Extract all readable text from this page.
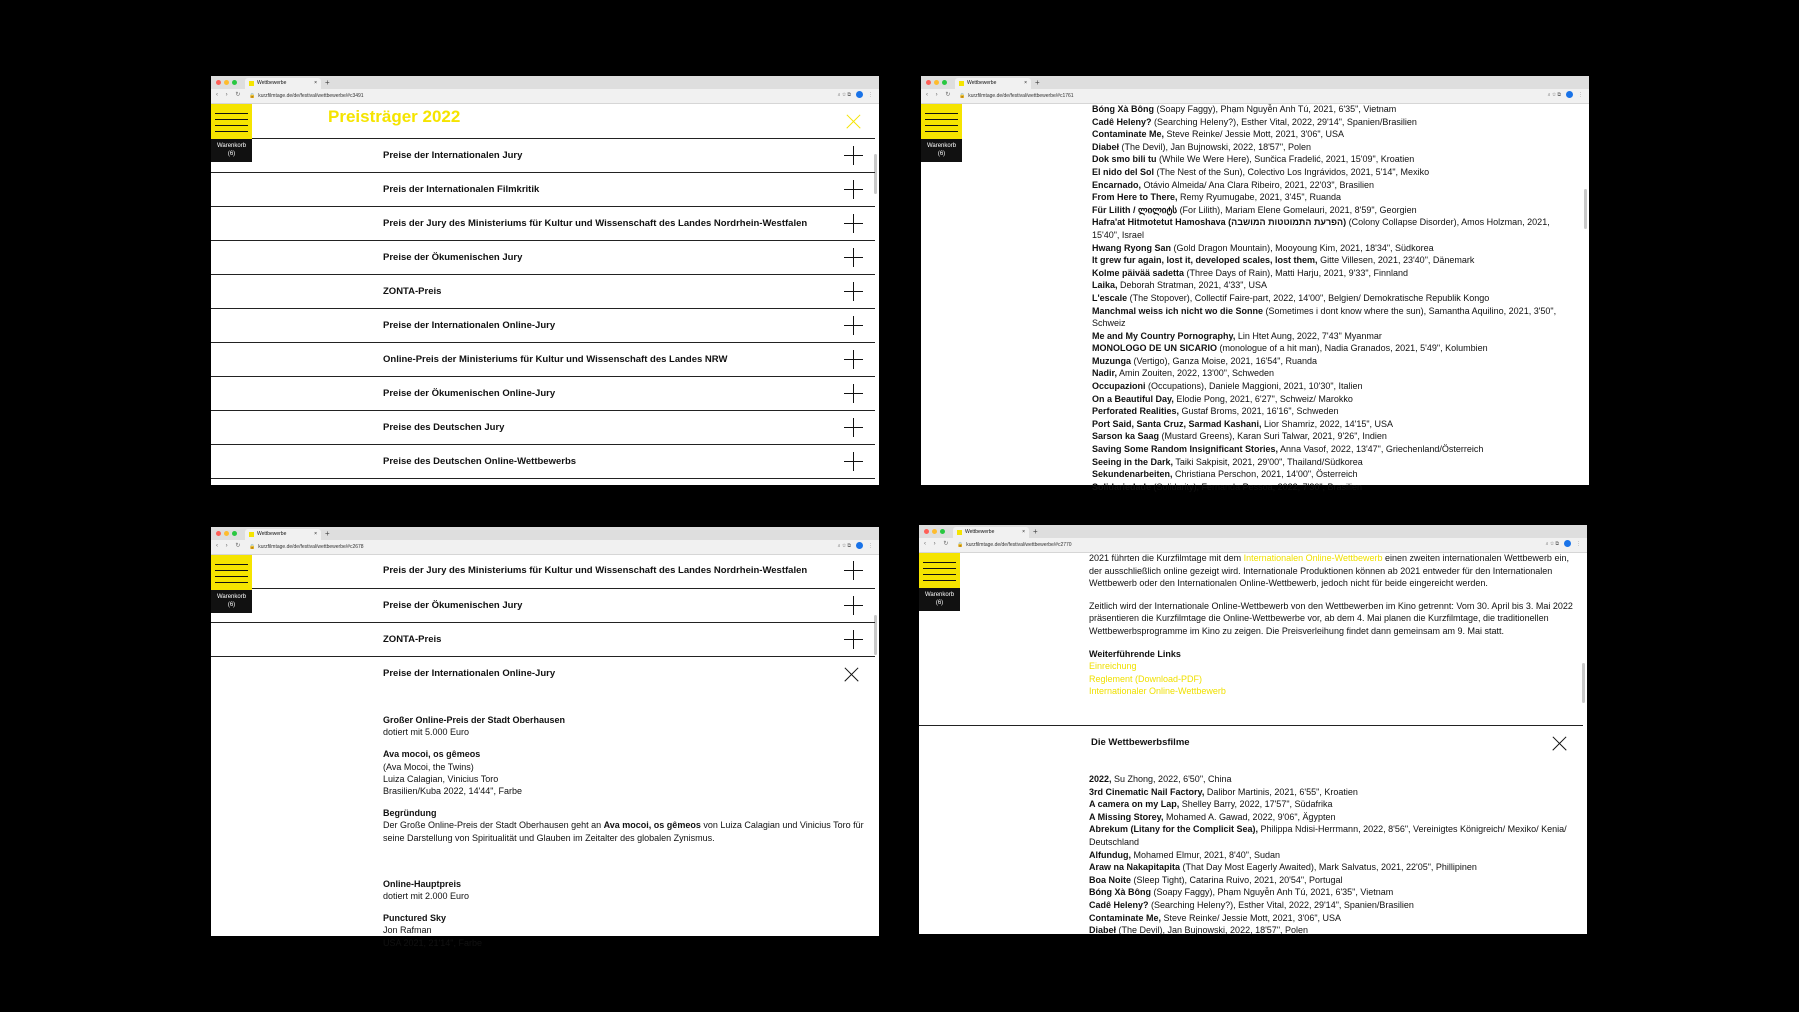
Wettbewerbe	× +
‹ › ↻ 🔒 kurzfilmtage.de/de/festival/wettbewerbe/#c3491	⌕ ☆ ⧉	⋮
Warenkorb
(6)
Preisträger 2022
Preise der Internationalen Jury
Preis der Internationalen Filmkritik
Preis der Jury des Ministeriums für Kultur und Wissenschaft des Landes Nordrhein-Westfalen
Preise der Ökumenischen Jury
ZONTA-Preis
Preise der Internationalen Online-Jury
Online-Preis der Ministeriums für Kultur und Wissenschaft des Landes NRW
Preise der Ökumenischen Online-Jury
Preise des Deutschen Jury
Preise des Deutschen Online-Wettbewerbs
Wettbewerbe	× +
‹ › ↻ 🔒 kurzfilmtage.de/de/festival/wettbewerbe/#c1761	⌕ ☆ ⧉	⋮
Warenkorb
(6)
Bóng Xà Bông (Soapy Faggy), Phạm Nguyễn Anh Tú, 2021, 6'35", Vietnam
Cadê Heleny? (Searching Heleny?), Esther Vital, 2022, 29'14", Spanien/Brasilien
Contaminate Me, Steve Reinke/ Jessie Mott, 2021, 3'06", USA
Diabeł (The Devil), Jan Bujnowski, 2022, 18'57", Polen
Dok smo bili tu (While We Were Here), Sunčica Fradelić, 2021, 15'09", Kroatien
El nido del Sol (The Nest of the Sun), Colectivo Los Ingrávidos, 2021, 5'14", Mexiko
Encarnado, Otávio Almeida/ Ana Clara Ribeiro, 2021, 22'03", Brasilien
From Here to There, Remy Ryumugabe, 2021, 3'45", Ruanda
Für Lilith / ლილიტს (For Lilith), Mariam Elene Gomelauri, 2021, 8'59", Georgien
Hafra'at Hitmotetut Hamoshava (הפרעת התמוטטות המושבה) (Colony Collapse Disorder), Amos Holzman, 2021, 15'40", Israel
Hwang Ryong San (Gold Dragon Mountain), Mooyoung Kim, 2021, 18'34", Südkorea
It grew fur again, lost it, developed scales, lost them, Gitte Villesen, 2021, 23'40", Dänemark
Kolme päivää sadetta (Three Days of Rain), Matti Harju, 2021, 9'33", Finnland
Laika, Deborah Stratman, 2021, 4'33", USA
L'escale (The Stopover), Collectif Faire-part, 2022, 14'00", Belgien/ Demokratische Republik Kongo
Manchmal weiss ich nicht wo die Sonne (Sometimes i dont know where the sun), Samantha Aquilino, 2021, 3'50", Schweiz
Me and My Country Pornography, Lin Htet Aung, 2022, 7'43" Myanmar
MONOLOGO DE UN SICARIO (monologue of a hit man), Nadia Granados, 2021, 5'49", Kolumbien
Muzunga (Vertigo), Ganza Moise, 2021, 16'54", Ruanda
Nadir, Amin Zouiten, 2022, 13'00", Schweden
Occupazioni (Occupations), Daniele Maggioni, 2021, 10'30", Italien
On a Beautiful Day, Elodie Pong, 2021, 6'27", Schweiz/ Marokko
Perforated Realities, Gustaf Broms, 2021, 16'16", Schweden
Port Said, Santa Cruz, Sarmad Kashani, Lior Shamriz, 2022, 14'15", USA
Sarson ka Saag (Mustard Greens), Karan Suri Talwar, 2021, 9'26", Indien
Saving Some Random Insignificant Stories, Anna Vasof, 2022, 13'47", Griechenland/Österreich
Seeing in the Dark, Taiki Sakpisit, 2021, 29'00", Thailand/Südkorea
Sekundenarbeiten, Christiana Perschon, 2021, 14'00", Österreich
Solidariedade (Solidarity), Fernanda Pessoa, 2022, 7'30", Brasilien
Wettbewerbe	× +
‹ › ↻ 🔒 kurzfilmtage.de/de/festival/wettbewerbe/#c2678	⌕ ☆ ⧉	⋮
Warenkorb
(6)
Preis der Jury des Ministeriums für Kultur und Wissenschaft des Landes Nordrhein-Westfalen
Preise der Ökumenischen Jury
ZONTA-Preis
Preise der Internationalen Online-Jury
Großer Online-Preis der Stadt Oberhausen
dotiert mit 5.000 Euro
Ava mocoi, os gêmeos
(Ava Mocoi, the Twins)
Luiza Calagian, Vinicius Toro
Brasilien/Kuba 2022, 14'44", Farbe
Begründung
Der Große Online-Preis der Stadt Oberhausen geht an Ava mocoi, os gêmeos von Luiza Calagian und Vinicius Toro für seine Darstellung von Spiritualität und Glauben im Zeitalter des globalen Zynismus.
Online-Hauptpreis
dotiert mit 2.000 Euro
Punctured Sky
Jon Rafman
USA 2021, 21'14", Farbe
Wettbewerbe	× +
‹ › ↻ 🔒 kurzfilmtage.de/de/festival/wettbewerbe/#c2770	⌕ ☆ ⧉	⋮
Warenkorb
(6)
2021 führten die Kurzfilmtage mit dem Internationalen Online-Wettbewerb einen zweiten internationalen Wettbewerb ein, der ausschließlich online gezeigt wird. Internationale Produktionen können ab 2021 entweder für den Internationalen Wettbewerb oder den Internationalen Online-Wettbewerb, jedoch nicht für beide eingereicht werden.
Zeitlich wird der Internationale Online-Wettbewerb von den Wettbewerben im Kino getrennt: Vom 30. April bis 3. Mai 2022 präsentieren die Kurzfilmtage die Online-Wettbewerbe vor, ab dem 4. Mai planen die Kurzfilmtage, die traditionellen Wettbewerbsprogramme im Kino zu zeigen. Die Preisverleihung findet dann gemeinsam am 9. Mai statt.
Weiterführende Links
Einreichung
Reglement (Download-PDF)
Internationaler Online-Wettbewerb
Die Wettbewerbsfilme
2022, Su Zhong, 2022, 6'50", China
3rd Cinematic Nail Factory, Dalibor Martinis, 2021, 6'55", Kroatien
A camera on my Lap, Shelley Barry, 2022, 17'57", Südafrika
A Missing Storey, Mohamed A. Gawad, 2022, 9'06", Ägypten
Abrekum (Litany for the Complicit Sea), Philippa Ndisi-Herrmann, 2022, 8'56", Vereinigtes Königreich/ Mexiko/ Kenia/ Deutschland
Alfundug, Mohamed Elmur, 2021, 8'40", Sudan
Araw na Nakapitapita (That Day Most Eagerly Awaited), Mark Salvatus, 2021, 22'05", Phillipinen
Boa Noite (Sleep Tight), Catarina Ruivo, 2021, 20'54", Portugal
Bóng Xà Bông (Soapy Faggy), Phạm Nguyễn Anh Tú, 2021, 6'35", Vietnam
Cadê Heleny? (Searching Heleny?), Esther Vital, 2022, 29'14", Spanien/Brasilien
Contaminate Me, Steve Reinke/ Jessie Mott, 2021, 3'06", USA
Diabeł (The Devil), Jan Bujnowski, 2022, 18'57", Polen
